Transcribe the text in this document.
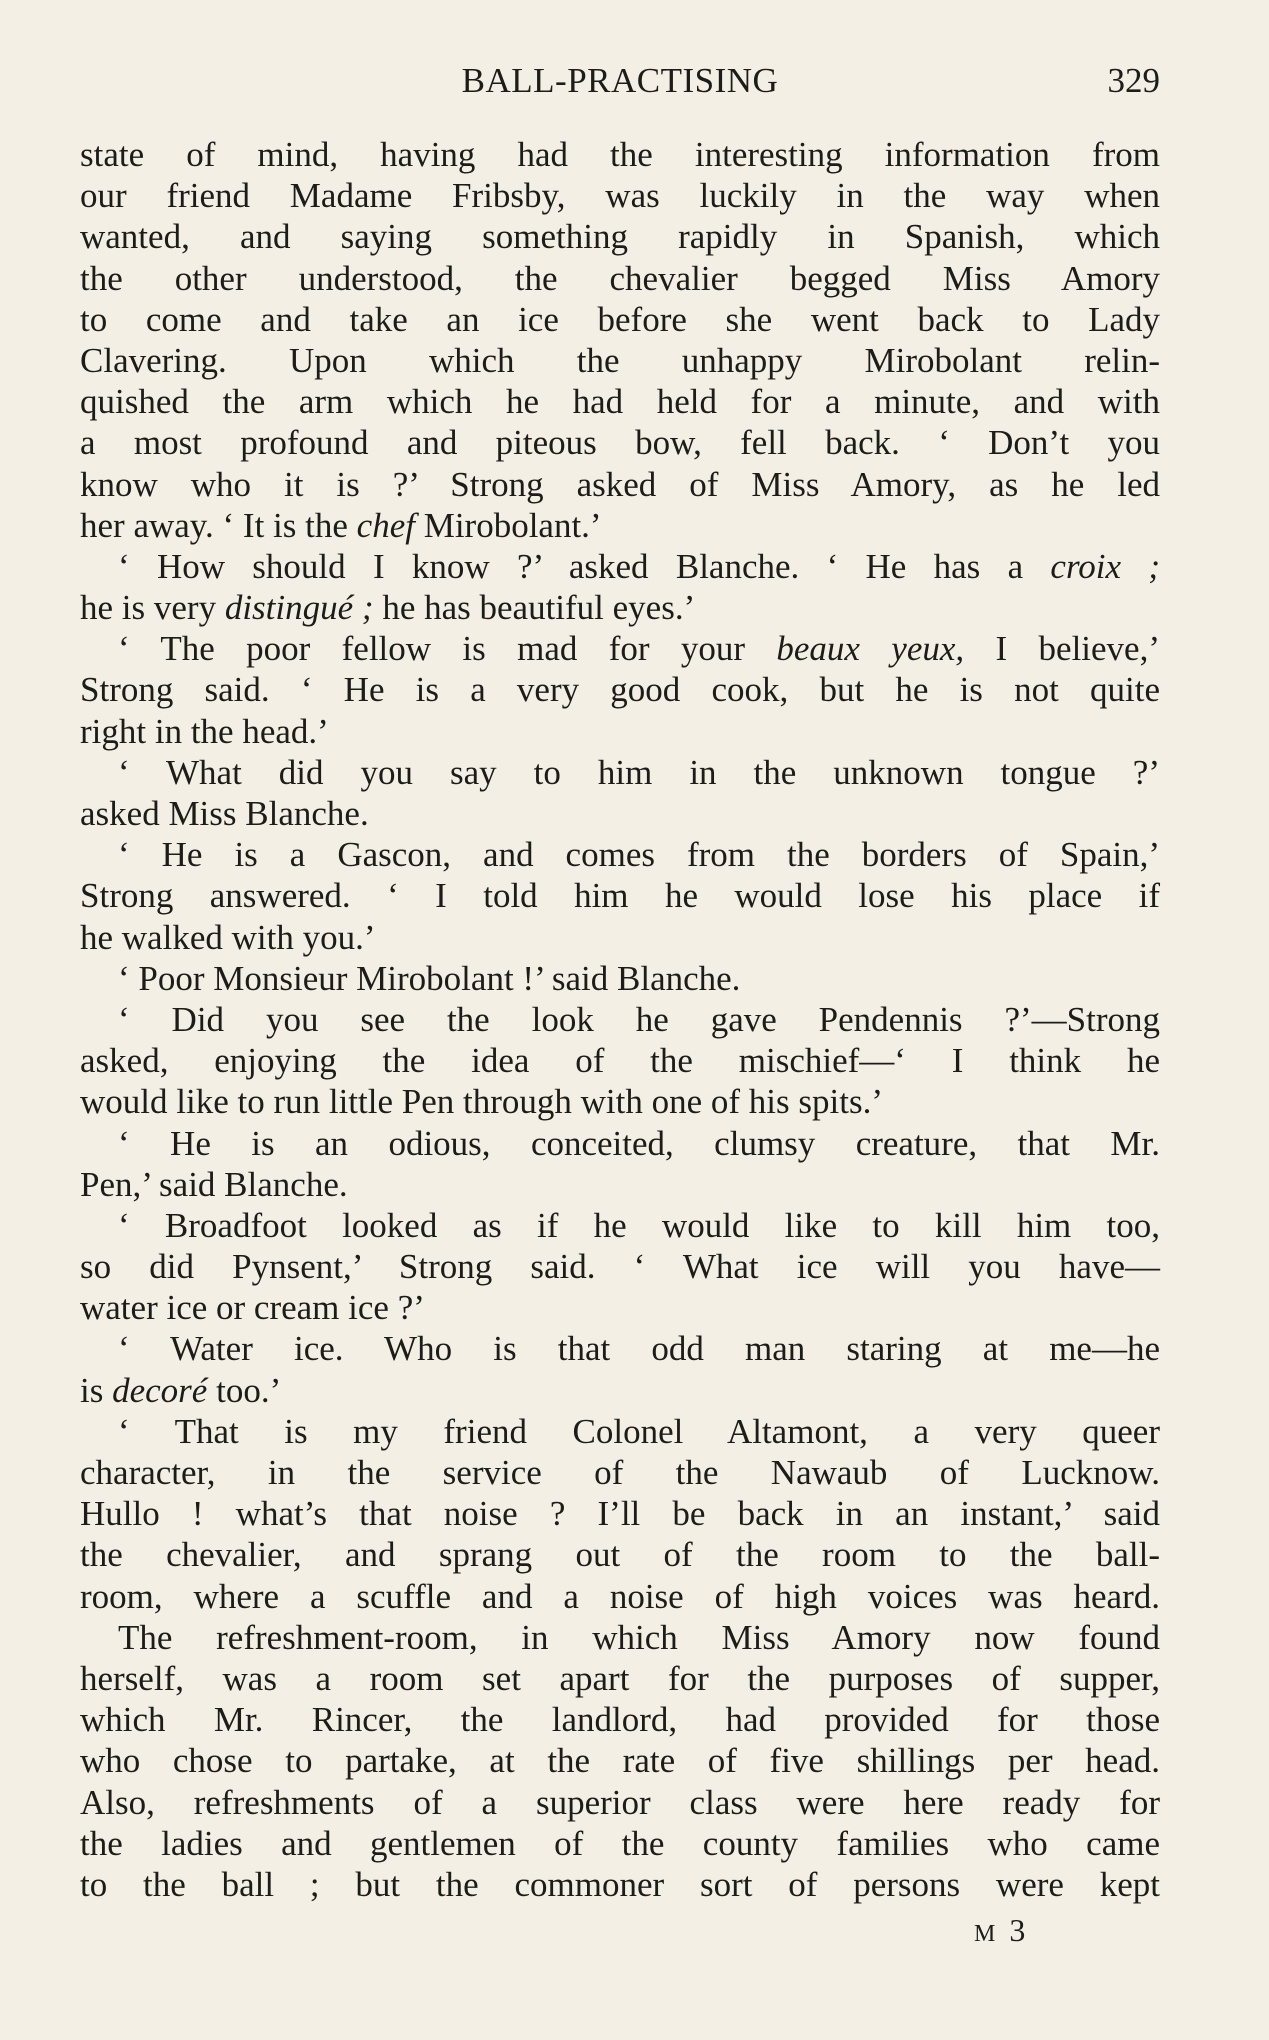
BALL-PRACTISING	329
state of mind, having had the interesting information from
our friend Madame Fribsby, was luckily in the way when
wanted, and saying something rapidly in Spanish, which
the other understood, the chevalier begged Miss Amory
to come and take an ice before she went back to Lady
Clavering. Upon which the unhappy Mirobolant relin-
quished the arm which he had held for a minute, and with
a most profound and piteous bow, fell back. ‘ Don’t you
know who it is ?’ Strong asked of Miss Amory, as he led
her away. ‘ It is the chef Mirobolant.’
‘ How should I know ?’ asked Blanche. ‘ He has a croix ;
he is very distingué ; he has beautiful eyes.’
‘ The poor fellow is mad for your beaux yeux, I believe,’
Strong said. ‘ He is a very good cook, but he is not quite
right in the head.’
‘ What did you say to him in the unknown tongue ?’
asked Miss Blanche.
‘ He is a Gascon, and comes from the borders of Spain,’
Strong answered. ‘ I told him he would lose his place if
he walked with you.’
‘ Poor Monsieur Mirobolant !’ said Blanche.
‘ Did you see the look he gave Pendennis ?’—Strong
asked, enjoying the idea of the mischief—‘ I think he
would like to run little Pen through with one of his spits.’
‘ He is an odious, conceited, clumsy creature, that Mr.
Pen,’ said Blanche.
‘ Broadfoot looked as if he would like to kill him too,
so did Pynsent,’ Strong said. ‘ What ice will you have—
water ice or cream ice ?’
‘ Water ice. Who is that odd man staring at me—he
is decoré too.’
‘ That is my friend Colonel Altamont, a very queer
character, in the service of the Nawaub of Lucknow.
Hullo ! what’s that noise ? I’ll be back in an instant,’ said
the chevalier, and sprang out of the room to the ball-
room, where a scuffle and a noise of high voices was heard.
The refreshment-room, in which Miss Amory now found
herself, was a room set apart for the purposes of supper,
which Mr. Rincer, the landlord, had provided for those
who chose to partake, at the rate of five shillings per head.
Also, refreshments of a superior class were here ready for
the ladies and gentlemen of the county families who came
to the ball ; but the commoner sort of persons were kept
M 3
